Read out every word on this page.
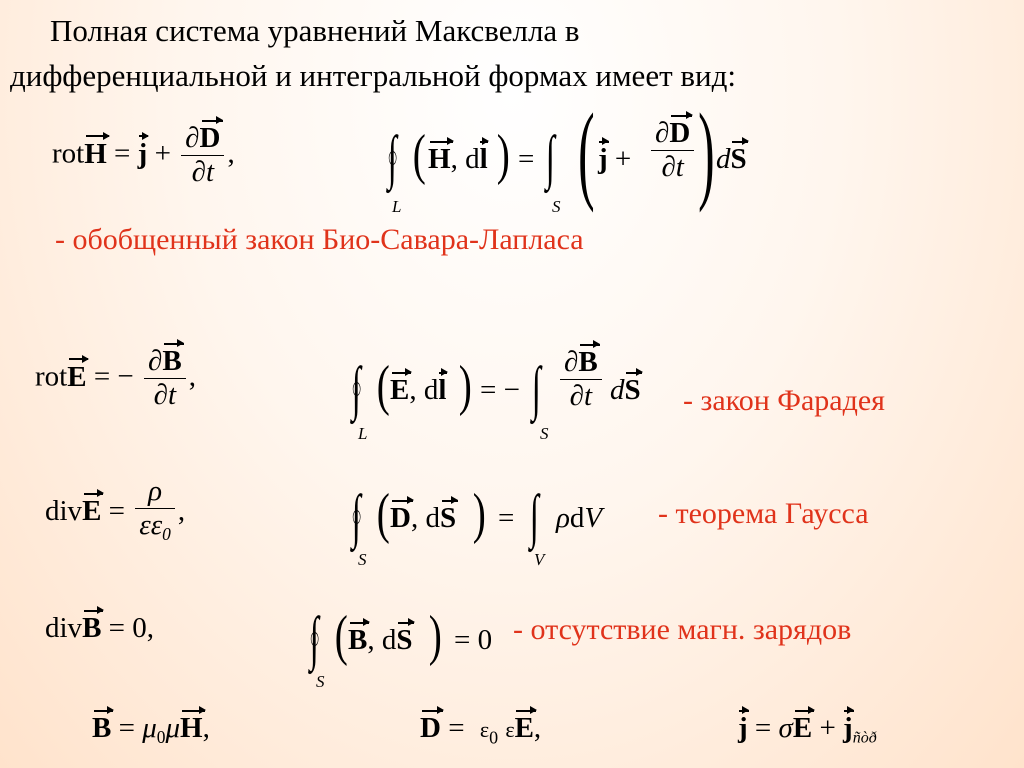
Полная система уравнений Максвелла в
дифференциальной и интегральной формах имеет вид:
rotH = $j + \frac{\partial D}{\partial t}$ ,	∫
L
( H, dl ) = ∫
S ( $j + \frac{\partial D}{\partial t}$ ) dS
- обобщенный закон Био-Савара-Лапласа
rotE = − $\frac{\partial B}{\partial t}$ ,	∫
L
( E, dl ) = − ∫
S
$\frac{\partial B}{\partial t}$ dS - закон Фарадея
divE = $\frac{\rho}{\varepsilon\varepsilon_0}$ ,	∫
S
( D, dS ) = ∫
V
ρdV - теорема Гаусса
divB = 0,	∫
S
( B, dS ) = 0 - отсутствие магн. зарядов
$B = \mu_0\mu H$,	$D = \varepsilon_0$ εE,	$j = \sigma E + j_{ñòð}$
